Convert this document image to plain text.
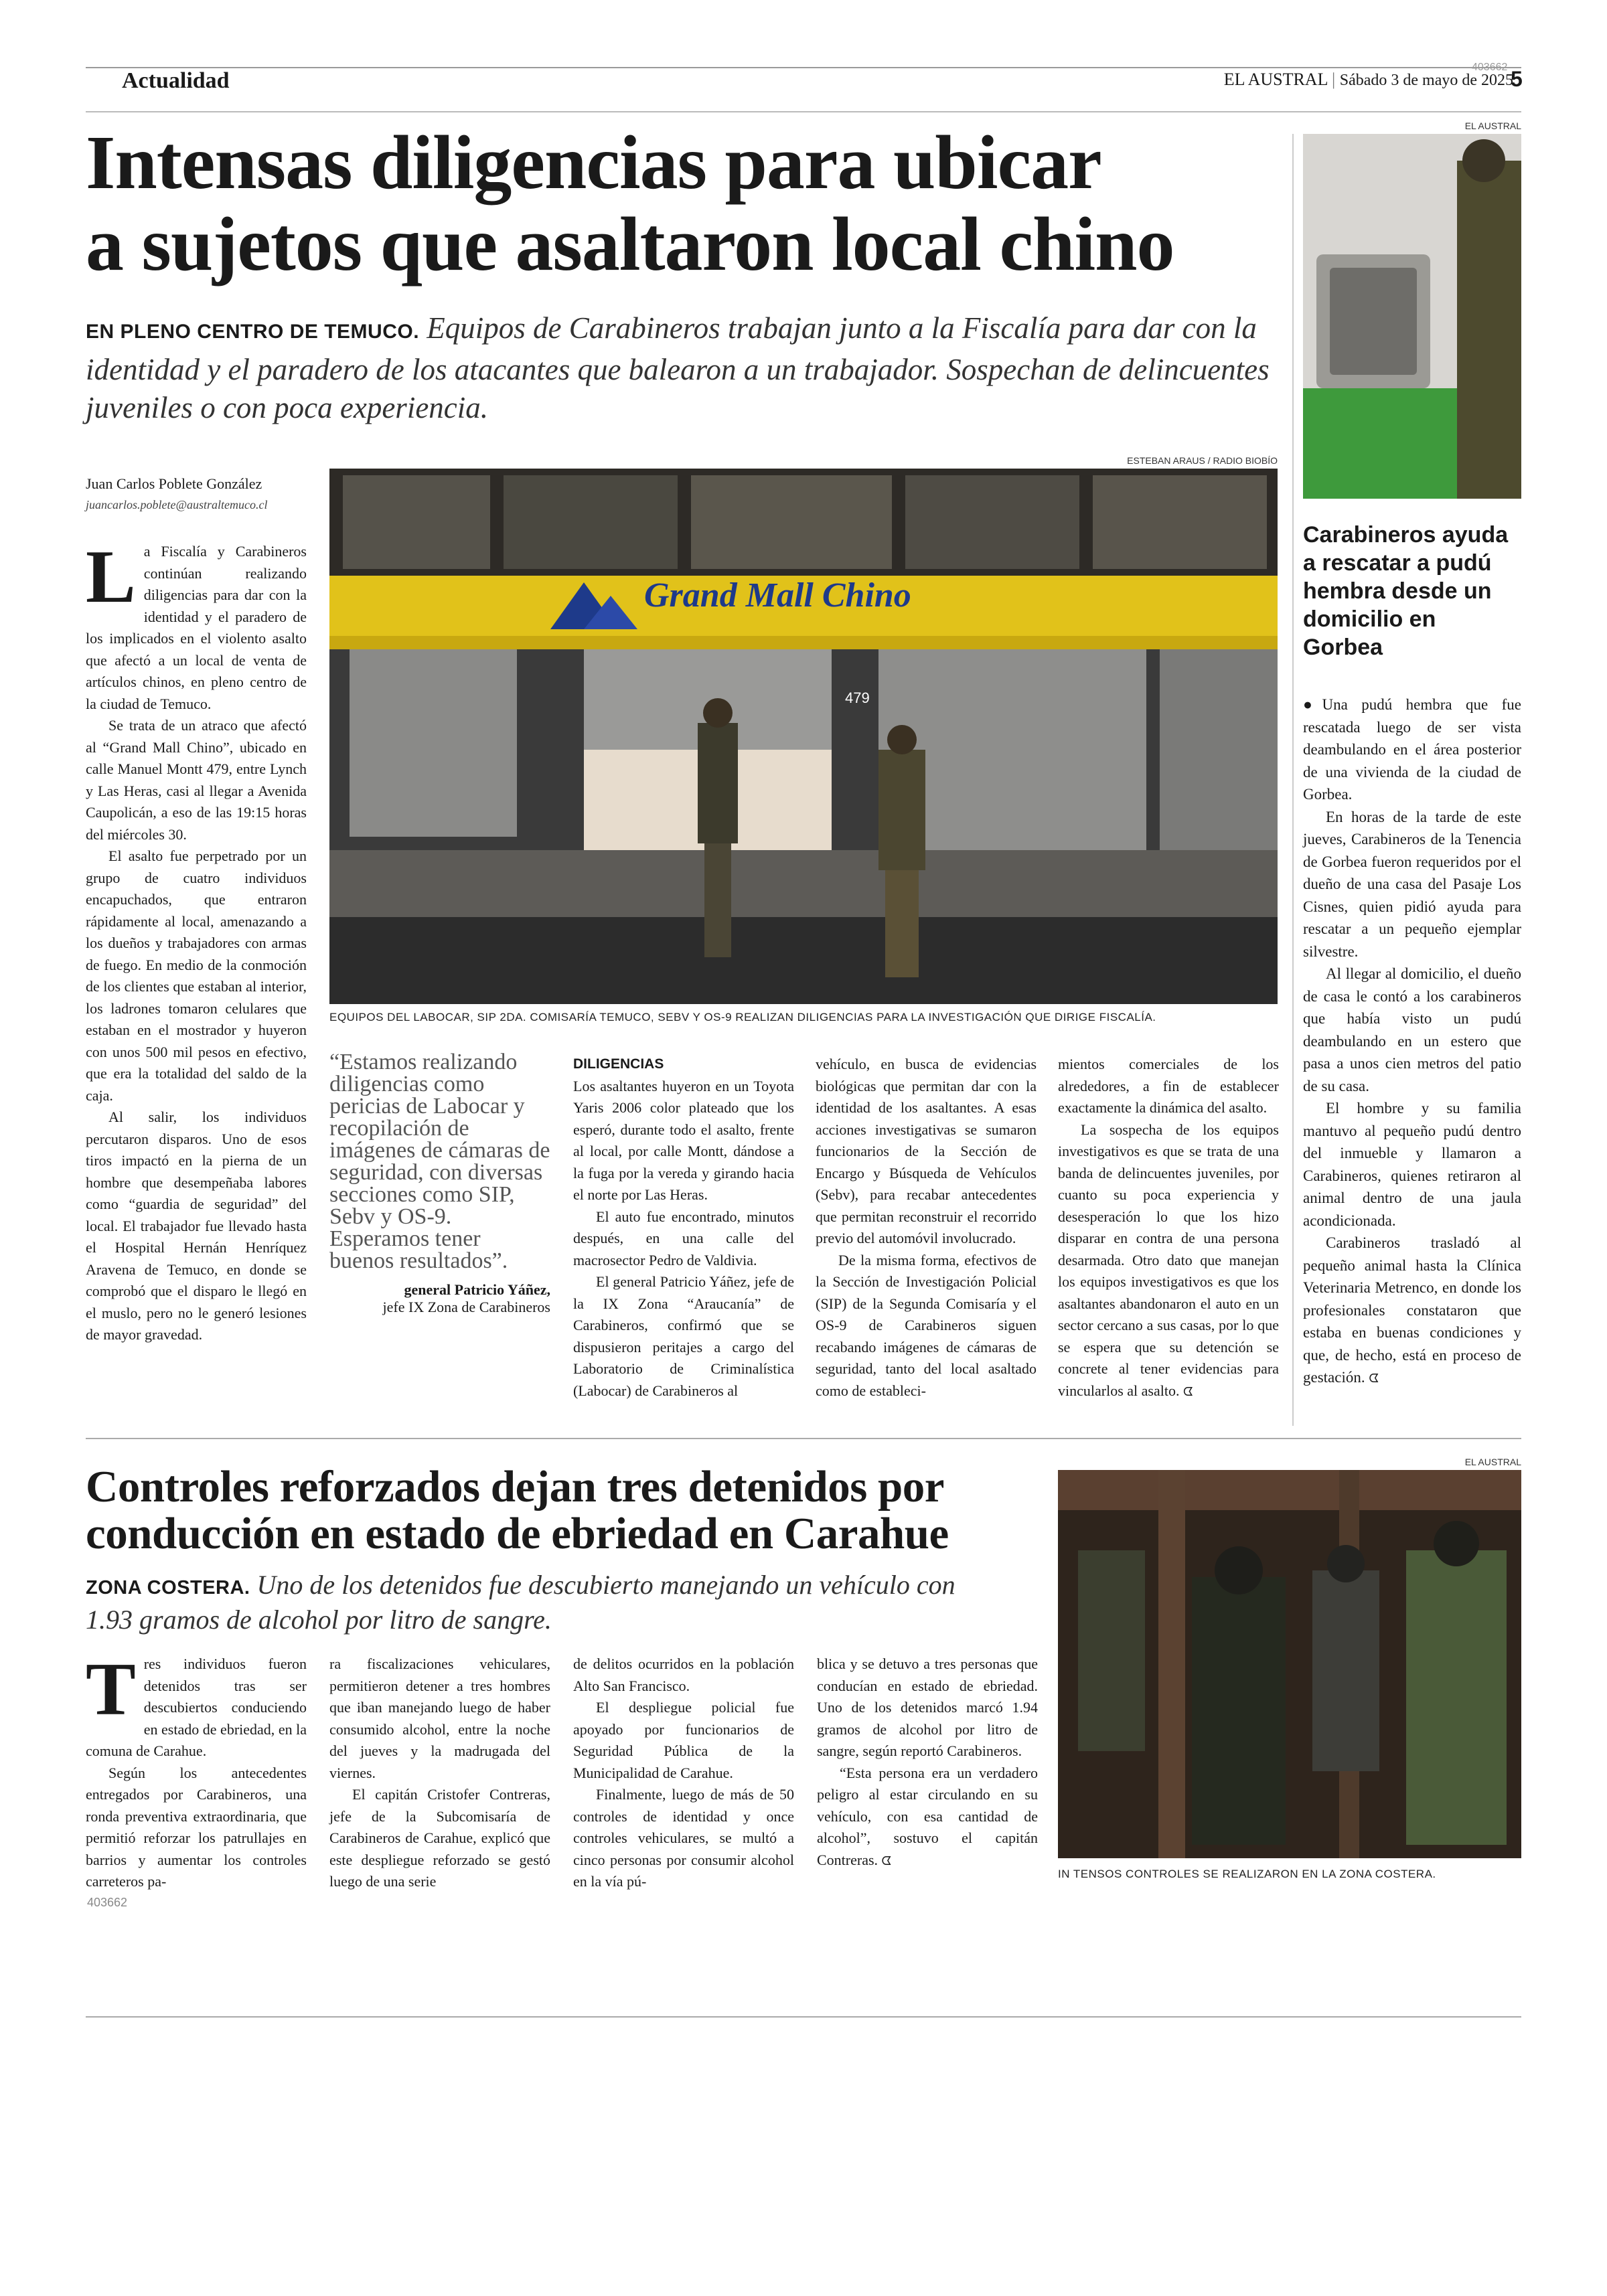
Actualidad
403662
EL AUSTRAL | Sábado 3 de mayo de 2025
5
Intensas diligencias para ubicar
a sujetos que asaltaron local chino
EN PLENO CENTRO DE TEMUCO. Equipos de Carabineros trabajan junto a la Fiscalía para dar con la identidad y el paradero de los atacantes que balearon a un trabajador. Sospechan de delincuentes juveniles o con poca experiencia.
Juan Carlos Poblete González
juancarlos.poblete@australtemuco.cl
ESTEBAN ARAUS / RADIO BIOBÍO
Grand Mall Chino
479
EQUIPOS DEL LABOCAR, SIP 2DA. COMISARÍA TEMUCO, SEBV Y OS-9 REALIZAN DILIGENCIAS PARA LA INVESTIGACIÓN QUE DIRIGE FISCALÍA.

L a Fiscalía y Carabineros continúan realizando diligencias para dar con la identidad y el paradero de los implicados en el violento asalto que afectó a un local de venta de artículos chinos, en pleno centro de la ciudad de Temuco.

Se trata de un atraco que afectó al “Grand Mall Chino”, ubicado en calle Manuel Montt 479, entre Lynch y Las Heras, casi al llegar a Avenida Caupolicán, a eso de las 19:15 horas del miércoles 30.

El asalto fue perpetrado por un grupo de cuatro individuos encapuchados, que entraron rápidamente al local, amenazando a los dueños y trabajadores con armas de fuego. En medio de la conmoción de los clientes que estaban al interior, los ladrones tomaron celulares que estaban en el mostrador y huyeron con unos 500 mil pesos en efectivo, que era la totalidad del saldo de la caja.

Al salir, los individuos percutaron disparos. Uno de esos tiros impactó en la pierna de un hombre que desempeñaba labores como “guardia de seguridad” del local. El trabajador fue llevado hasta el Hospital Hernán Henríquez Aravena de Temuco, en donde se comprobó que el disparo le llegó en el muslo, pero no le generó lesiones de mayor gravedad.

“Estamos realizando diligencias como pericias de Labocar y recopilación de imágenes de cámaras de seguridad, con diversas secciones como SIP, Sebv y OS-9. Esperamos tener buenos resultados”.
general Patricio Yáñez,
jefe IX Zona de Carabineros

DILIGENCIAS

Los asaltantes huyeron en un Toyota Yaris 2006 color plateado que los esperó, durante todo el asalto, frente al local, por calle Montt, dándose a la fuga por la vereda y girando hacia el norte por Las Heras.

El auto fue encontrado, minutos después, en una calle del macrosector Pedro de Valdivia.

El general Patricio Yáñez, jefe de la IX Zona “Araucanía” de Carabineros, confirmó que se dispusieron peritajes a cargo del Laboratorio de Criminalística (Labocar) de Carabineros al

vehículo, en busca de evidencias biológicas que permitan dar con la identidad de los asaltantes. A esas acciones investigativas se sumaron funcionarios de la Sección de Encargo y Búsqueda de Vehículos (Sebv), para recabar antecedentes que permitan reconstruir el recorrido previo del automóvil involucrado.

De la misma forma, efectivos de la Sección de Investigación Policial (SIP) de la Segunda Comisaría y el OS-9 de Carabineros siguen recabando imágenes de cámaras de seguridad, tanto del local asaltado como de estableci-

mientos comerciales de los alrededores, a fin de establecer exactamente la dinámica del asalto.

La sospecha de los equipos investigativos es que se trata de una banda de delincuentes juveniles, por cuanto su poca experiencia y desesperación lo que los hizo disparar en contra de una persona desarmada. Otro dato que manejan los equipos investigativos es que los asaltantes abandonaron el auto en un sector cercano a sus casas, por lo que se espera que su detención se concrete al tener evidencias para vincularlos al asalto. ᗧ

EL AUSTRAL
Carabineros ayuda a rescatar a pudú hembra desde un domicilio en Gorbea

●Una pudú hembra que fue rescatada luego de ser vista deambulando en el área posterior de una vivienda de la ciudad de Gorbea.

En horas de la tarde de este jueves, Carabineros de la Tenencia de Gorbea fueron requeridos por el dueño de una casa del Pasaje Los Cisnes, quien pidió ayuda para rescatar a un pequeño ejemplar silvestre.

Al llegar al domicilio, el dueño de casa le contó a los carabineros que había visto un pudú deambulando en un estero que pasa a unos cien metros del patio de su casa.

El hombre y su familia mantuvo al pequeño pudú dentro del inmueble y llamaron a Carabineros, quienes retiraron al animal dentro de una jaula acondicionada.

Carabineros trasladó al pequeño animal hasta la Clínica Veterinaria Metrenco, en donde los profesionales constataron que estaba en buenas condiciones y que, de hecho, está en proceso de gestación. ᗧ

Controles reforzados dejan tres detenidos por
conducción en estado de ebriedad en Carahue
ZONA COSTERA. Uno de los detenidos fue descubierto manejando un vehículo con 1.93 gramos de alcohol por litro de sangre.

T res individuos fueron detenidos tras ser descubiertos conduciendo en estado de ebriedad, en la comuna de Carahue.

Según los antecedentes entregados por Carabineros, una ronda preventiva extraordinaria, que permitió reforzar los patrullajes en barrios y aumentar los controles carreteros pa-

403662

ra fiscalizaciones vehiculares, permitieron detener a tres hombres que iban manejando luego de haber consumido alcohol, entre la noche del jueves y la madrugada del viernes.

El capitán Cristofer Contreras, jefe de la Subcomisaría de Carabineros de Carahue, explicó que este despliegue reforzado se gestó luego de una serie

de delitos ocurridos en la población Alto San Francisco.

El despliegue policial fue apoyado por funcionarios de Seguridad Pública de la Municipalidad de Carahue.

Finalmente, luego de más de 50 controles de identidad y once controles vehiculares, se multó a cinco personas por consumir alcohol en la vía pú-

blica y se detuvo a tres personas que conducían en estado de ebriedad. Uno de los detenidos marcó 1.94 gramos de alcohol por litro de sangre, según reportó Carabineros.

“Esta persona era un verdadero peligro al estar circulando en su vehículo, con esa cantidad de alcohol”, sostuvo el capitán Contreras. ᗧ

EL AUSTRAL
IN TENSOS CONTROLES SE REALIZARON EN LA ZONA COSTERA.
